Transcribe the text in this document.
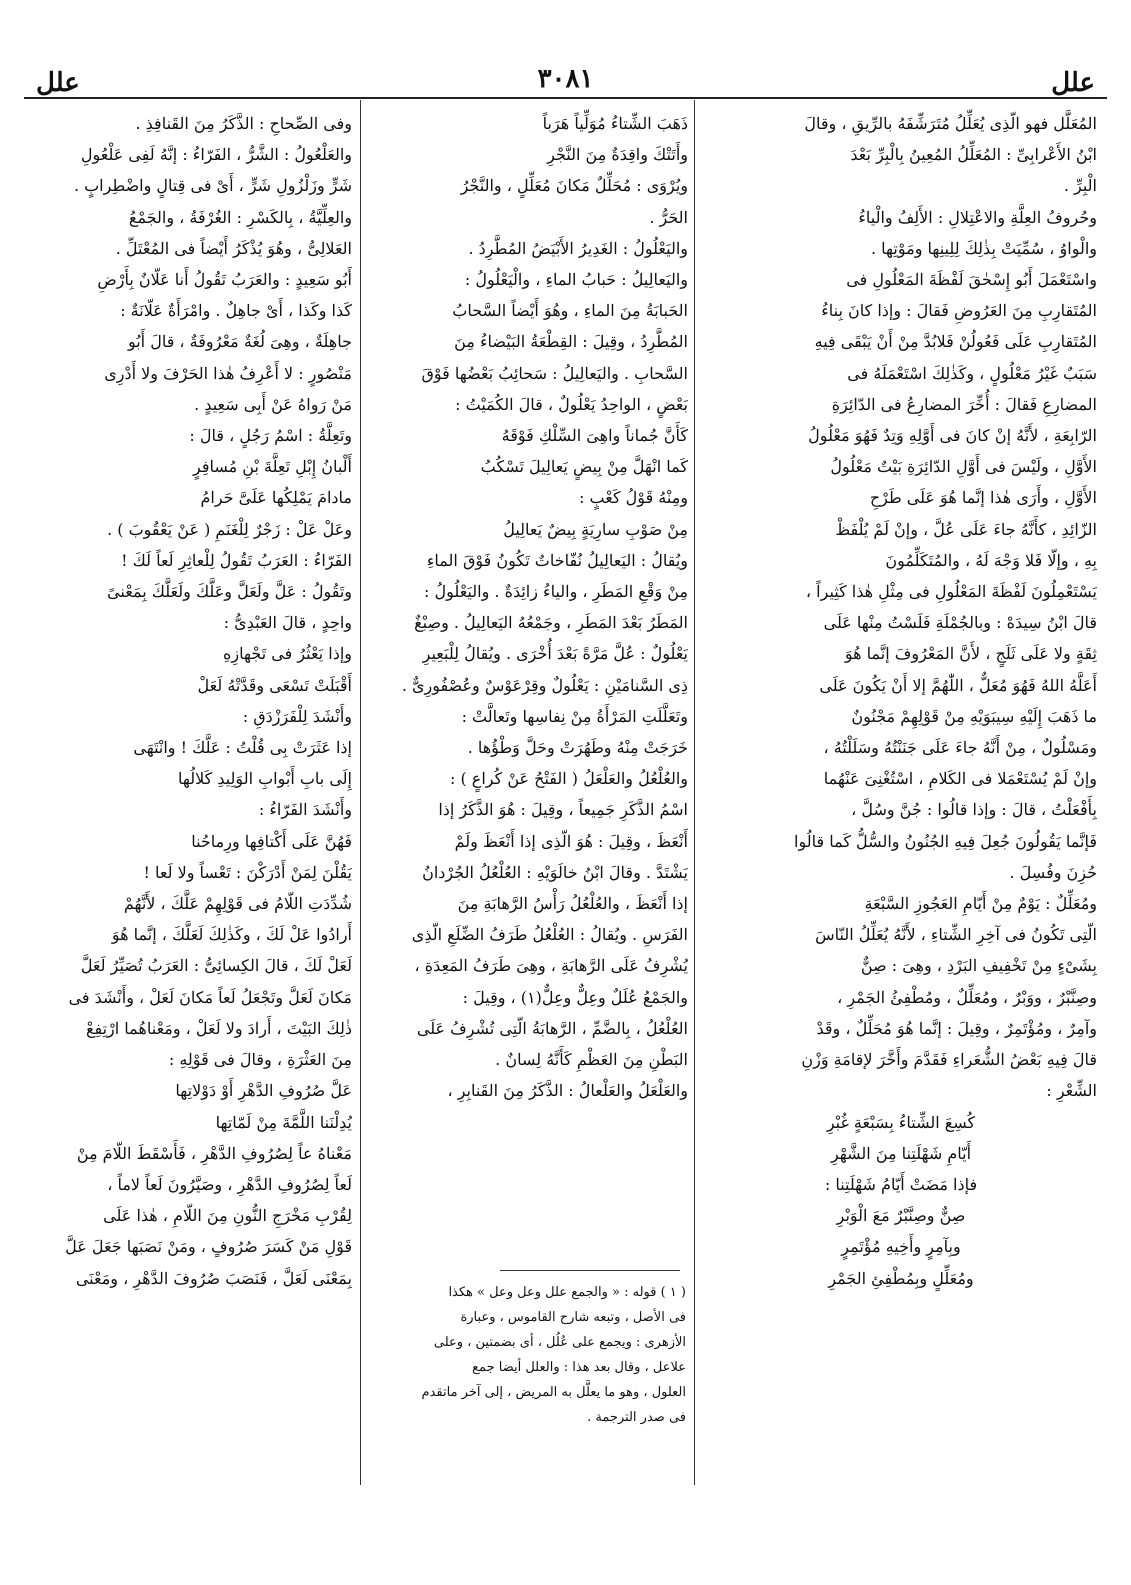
علل	٣٠٨١	علل
المُعَلَّل فهو الّذِى يُعَلِّلُ مُتَرَشِّفَهُ بالرِّيقِ ، وقالَ
ابْنُ الأَعْرابِىِّ : المُعَلِّلُ المُعِينُ بِالْبِرِّ بَعْدَ
الْبِرِّ .
وحُروفُ العِلَّةِ والاعْتِلالِ : الأَلِفُ والْياءُ
والْواوُ ، سُمِّيَتْ بِذٰلِكَ لِلِينِها ومَوْتِها .
واسْتَعْمَلَ أَبُو إِسْحٰقَ لَفْظَةَ المَعْلُولِ فى
المُتَقارِبِ مِنَ العَرُوضِ فَقالَ : وإذا كانَ بِناءُ
المُتَقارِبِ عَلَى فَعُولُنْ فَلابُدَّ مِنْ أَنْ يَبْقَى فِيهِ
سَبَبٌ غَيْرُ مَعْلُولٍ ، وكَذٰلِكَ اسْتَعْمَلَهُ فى
المضارِعِ فَقالَ : أُخِّرَ المضارِعُ فى الدّائِرَةِ
الرّابِعَةِ ، لأَنَّهُ إنْ كانَ فى أَوَّلِهِ وَتِدٌ فَهُوَ مَعْلُولُ
الأَوَّلِ ، ولَيْسَ فى أَوَّلِ الدّائِرَةِ بَيْتٌ مَعْلُولُ
الأَوَّلِ ، وأَرَى هٰذا إنَّما هُوَ عَلَى طَرْحِ
الزّائِدِ ، كأَنَّهُ جاءَ عَلَى عُلَّ ، وإنْ لَمْ يُلْفَظْ
بِهِ ، وإلّا فَلا وَجْهَ لَهُ ، والمُتَكَلِّمُونَ
يَسْتَعْمِلُونَ لَفْظَةَ المَعْلُولِ فى مِثْلِ هٰذا كَثِيراً ،
قالَ ابْنُ سِيدَهْ : وبالجُمْلَةِ فَلَسْتُ مِنْها عَلَى
ثِقَةٍ ولا عَلَى ثَلَجٍ ، لأَنَّ المَعْرُوفَ إنَّما هُوَ
أَعَلَّهُ اللهُ فَهُوَ مُعَلٌّ ، اللّٰهُمَّ إلا أَنْ يَكُونَ عَلَى
ما ذَهَبَ إِلَيْهِ سِيبَوَيْهِ مِنْ قَوْلِهِمْ مَجْنُونٌ
ومَسْلُولٌ ، مِنْ أَنَّهُ جاءَ عَلَى جَنَنْتُهُ وسَلَلْتُهُ ،
وإنْ لَمْ يُسْتَعْمَلا فى الكَلامِ ، اسْتُغْنِىَ عَنْهُما
بِأَفْعَلْتُ ، قالَ : وإذا قالُوا : جُنَّ وسُلَّ ،
فَإنَّما يَقُولُونَ جُعِلَ فِيهِ الجُنُونُ والسُّلُّ كَما قالُوا
حُزِنَ وفُسِلَ .
ومُعَلِّلٌ : يَوْمٌ مِنْ أَيّامِ العَجُوزِ السَّبْعَةِ
الّتِى تَكُونُ فى آخِرِ الشِّتاءِ ، لأَنَّهُ يُعَلِّلُ النّاسَ
بِشَىْءٍ مِنْ تَخْفِيفِ البَرْدِ ، وهِىَ : صِنٌّ
وصِنَّبْرٌ ، ووَبْرٌ ، ومُعَلِّلٌ ، ومُطْفِئُ الجَمْرِ ،
وآمِرٌ ، ومُؤْتَمِرٌ ، وقِيلَ : إنَّما هُوَ مُحَلِّلٌ ، وقَدْ
قالَ فِيهِ بَعْضُ الشُّعَراءِ فَقَدَّمَ وأَخَّرَ لإقامَةِ وَزْنِ
الشِّعْرِ :
كُسِعَ الشِّتاءُ بِسَبْعَةٍ غُبْرِ
أَيّامِ شَهْلَتِنا مِنَ الشَّهْرِ
فإذا مَضَتْ أَيّامُ شَهْلَتِنا :
صِنٌّ وصِنَّبْرٌ مَعَ الْوَبْرِ
وبِآمِرٍ وأَخِيهِ مُؤْتَمِرٍ
ومُعَلِّلٍ وبِمُطْفِئِ الجَمْرِ
ذَهَبَ الشِّتاءُ مُوَلِّياً هَرَباً
وأَتَتْكَ واقِدَةٌ مِنَ النَّجْرِ
ويُرْوَى : مُحَلِّلٌ مَكانَ مُعَلِّلٍ ، والنَّجْرُ
الحَرُّ .
واليَعْلُولُ : الغَدِيرُ الأَبْيَضُ المُطَّرِدُ .
واليَعالِيلُ : حَبابُ الماءِ ، والْيَعْلُولُ :
الحَبابَةُ مِنَ الماءِ ، وهُوَ أَيْضاً السَّحابُ
المُطَّرِدُ ، وقِيلَ : القِطْعَةُ البَيْضاءُ مِنَ
السَّحابِ . واليَعالِيلُ : سَحائِبُ بَعْضُها فَوْقَ
بَعْضٍ ، الواحِدُ يَعْلُولٌ ، قالَ الكُمَيْتُ :
كَأَنَّ جُماناً واهِىَ السِّلْكِ فَوْقَهُ
كَما انْهَلَّ مِنْ بِيضٍ يَعالِيلَ تَسْكُبُ
ومِنْهُ قَوْلُ كَعْبٍ :
مِنْ صَوْبِ سارِيَةٍ بِيضٌ يَعالِيلُ
ويُقالُ : اليَعالِيلُ نُفّاخاتٌ تَكُونُ فَوْقَ الماءِ
مِنْ وَقْعِ المَطَرِ ، والياءُ زائِدَةٌ . واليَعْلُولُ :
المَطَرُ بَعْدَ المَطَرِ ، وجَمْعُهُ اليَعالِيلُ . وصِبْغٌ
يَعْلُولٌ : عُلَّ مَرَّةً بَعْدَ أُخْرَى . ويُقالُ لِلْبَعِيرِ
ذِى السَّنامَيْنِ : يَعْلُولٌ وقِرْعَوْسٌ وعُصْفُورِىٌّ .
وتَعَلَّلَتِ المَرْأَةُ مِنْ نِفاسِها وتَعالَّتْ :
خَرَجَتْ مِنْهُ وطَهُرَتْ وحَلَّ وَطْؤُها .
والعُلْعُلُ والعَلْعَلُ ( الفَتْحُ عَنْ كُراعٍ ) :
اسْمُ الذَّكَرِ جَمِيعاً ، وقِيلَ : هُوَ الذَّكَرُ إذا
أَنْعَظَ ، وقِيلَ : هُوَ الّذِى إذا أَنْعَظَ ولَمْ
يَشْتَدَّ . وقالَ ابْنُ خالَوَيْهِ : العُلْعُلُ الجُرْدانُ
إذا أَنْعَظَ ، والعُلْعُلُ رَأْسُ الرَّهابَةِ مِنَ
الفَرَسِ . ويُقالُ : العُلْعُلُ طَرَفُ الضِّلَعِ الّذِى
يُشْرِفُ عَلَى الرَّهابَةِ ، وهِىَ طَرَفُ المَعِدَةِ ،
والجَمْعُ عُلَلٌ وعِلٌّ وعِلٌّ(١) ، وقِيلَ :
العُلْعُلُ ، بِالضَّمِّ ، الرَّهابَةُ الّتِى تُشْرِفُ عَلَى
البَطْنِ مِنَ العَظْمِ كَأَنَّهُ لِسانٌ .
والعَلْعَلُ والعَلْعالُ : الذَّكَرُ مِنَ القَنابِرِ ،
وفى الصِّحاحِ : الذَّكَرُ مِنَ القَنافِذِ .
والعَلْعُولُ : الشَّرُّ ، الفَرّاءُ : إنَّهُ لَفِى عَلْعُولِ
شَرٍّ وزَلْزُولِ شَرٍّ ، أَىْ فى قِتالٍ واضْطِرابٍ .
والعِلِّيَّةُ ، بِالكَسْرِ : الغُرْفَةُ ، والجَمْعُ
العَلالِىُّ ، وهُوَ يُذْكَرُ أَيْضاً فى المُعْتَلِّ .
أَبُو سَعِيدٍ : والعَرَبُ تَقُولُ أَنا عَلّانٌ بِأَرْضِ
كَذا وكَذا ، أَىْ جاهِلٌ . وامْرَأَةٌ عَلّانَةٌ :
جاهِلَةٌ ، وهِىَ لُغَةٌ مَعْرُوفَةٌ ، قالَ أَبُو
مَنْصُورٍ : لا أَعْرِفُ هٰذا الحَرْفَ ولا أَدْرِى
مَنْ رَواهُ عَنْ أَبِى سَعِيدٍ .
وتَعِلَّةُ : اسْمُ رَجُلٍ ، قالَ :
أَلْبانُ إِبْلِ تَعِلَّةَ بْنِ مُسافِرٍ
مادامَ يَمْلِكُها عَلَىَّ حَرامُ
وعَلْ عَلْ : زَجْرٌ لِلْغَنَمِ ( عَنْ يَعْقُوبَ ) .
الفَرّاءُ : العَرَبُ تَقُولُ لِلْعاثِرِ لَعاً لَكَ !
وتَقُولُ : عَلَّ ولَعَلَّ وعَلَّكَ ولَعَلَّكَ بِمَعْنىً
واحِدٍ ، قالَ العَبْدِىُّ :
وإذا يَعْثُرُ فى تَجْهازِهِ
أَقْبَلَتْ تَسْعَى وقَدَّتْهُ لَعَلْ
وأَنْشَدَ لِلْفَرَزْدَقِ :
إذا عَثَرَتْ بِى قُلْتُ : عَلَّكَ ! وانْتَهَى
إِلَى بابِ أَبْوابِ الوَلِيدِ كَلالُها
وأَنْشَدَ الفَرّاءُ :
فَهُنَّ عَلَى أَكْتافِها ورِماحُنا
يَقُلْنَ لِمَنْ أَدْرَكْنَ : تَعْساً ولا لَعا !
شُدِّدَتِ اللّامُ فى قَوْلِهِمْ عَلَّكَ ، لأَنَّهُمْ
أَرادُوا عَلْ لَكَ ، وكَذٰلِكَ لَعَلَّكَ ، إنَّما هُوَ
لَعَلْ لَكَ ، قالَ الكِسائِىُّ : العَرَبُ تُصَيِّرُ لَعَلَّ
مَكانَ لَعَلَّ وتَجْعَلُ لَعاً مَكانَ لَعَلْ ، وأَنْشَدَ فى
ذٰلِكَ البَيْتَ ، أَرادَ ولا لَعَلْ ، ومَعْناهُما ارْتِفِعْ
مِنَ العَثْرَةِ ، وقالَ فى قَوْلِهِ :
عَلَّ صُرُوفِ الدَّهْرِ أَوْ دَوْلاتِها
يُدِلْنَنا اللَّمَّةَ مِنْ لَمّاتِها
مَعْناهُ عاً لِصُرُوفِ الدَّهْرِ ، فَأَسْقَطَ اللّامَ مِنْ
لَعاً لِصُرُوفِ الدَّهْرِ ، وصَيَّرُونَ لَعاً لاماً ،
لِقُرْبِ مَخْرَجِ النُّونِ مِنَ اللّامِ ، هٰذا عَلَى
قَوْلِ مَنْ كَسَرَ صُرُوفٍ ، ومَنْ نَصَبَها جَعَلَ عَلَّ
بِمَعْنَى لَعَلَّ ، فَنَصَبَ صُرُوفَ الدَّهْرِ ، ومَعْنَى
( ١ ) قوله : « والجمع علل وعل وعل » هكذا
فى الأصل ، وتبعه شارح القاموس ، وعبارة
الأزهرى : ويجمع على عُلُل ، أى بضمتين ، وعلى
علاعل ، وقال بعد هذا : والعلل أيضا جمع
العلول ، وهو ما يعلَّل به المريض ، إلى آخر ماتقدم
فى صدر الترجمة .
